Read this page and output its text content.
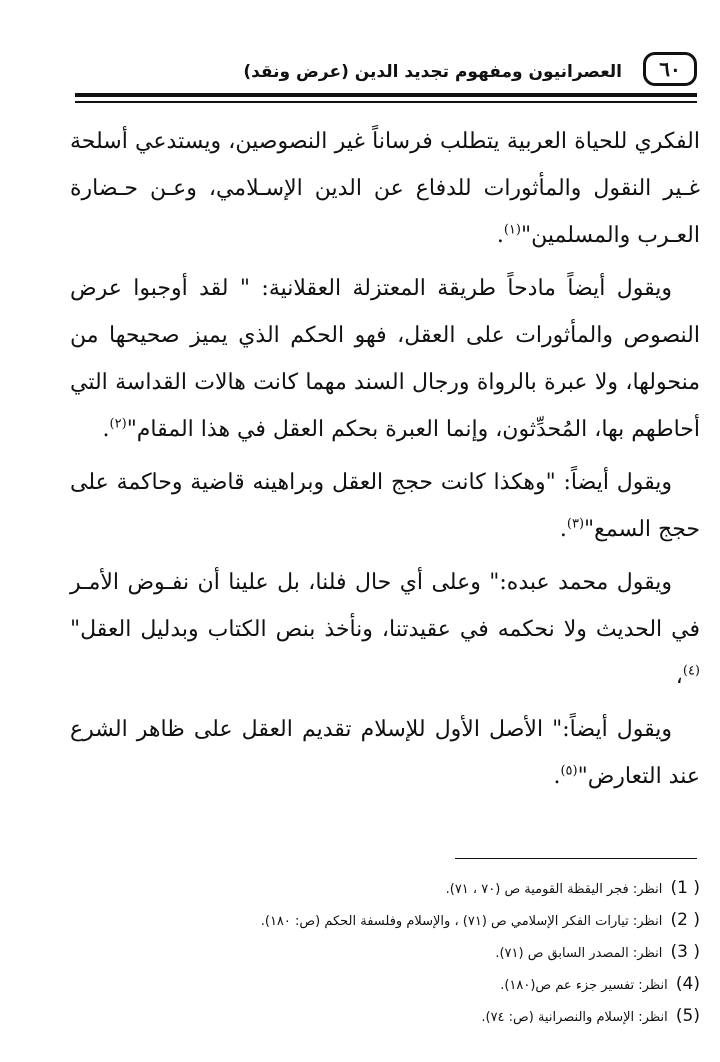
٦٠
العصرانيون ومفهوم تجديد الدين (عرض ونقد)

الفكري للحياة العربية يتطلب فرساناً غير النصوصين، ويستدعي أسلحة غـير النقول والمأثورات للدفاع عن الدين الإسـلامي، وعـن حـضارة العـرب والمسلمين"$^{(١)}$.

ويقول أيضاً مادحاً طريقة المعتزلة العقلانية: " لقد أوجبوا عرض النصوص والمأثورات على العقل، فهو الحكم الذي يميز صحيحها من منحولها، ولا عبرة بالرواة ورجال السند مهما كانت هالات القداسة التي أحاطهم بها، المُحدِّثون، وإنما العبرة بحكم العقل في هذا المقام"$^{(٢)}$.

ويقول أيضاً: "وهكذا كانت حجج العقل وبراهينه قاضية وحاكمة على حجج السمع"$^{(٣)}$.

ويقول محمد عبده:" وعلى أي حال فلنا، بل علينا أن نفـوض الأمـر في الحديث ولا نحكمه في عقيدتنا، ونأخذ بنص الكتاب وبدليل العقل"$^{(٤)}$،

ويقول أيضاً:" الأصل الأول للإسلام تقديم العقل على ظاهر الشرع عند التعارض"$^{(٥)}$.

( 1) انظر: فجر اليقظة القومية ص (٧٠ ، ٧١).
( 2) انظر: تيارات الفكر الإسلامي ص (٧١) ، والإسلام وفلسفة الحكم (ص: ١٨٠).
( 3) انظر: المصدر السابق ص (٧١).
(4) انظر: تفسير جزء عم ص(١٨٠).
(5) انظر: الإسلام والنصرانية (ص: ٧٤).
